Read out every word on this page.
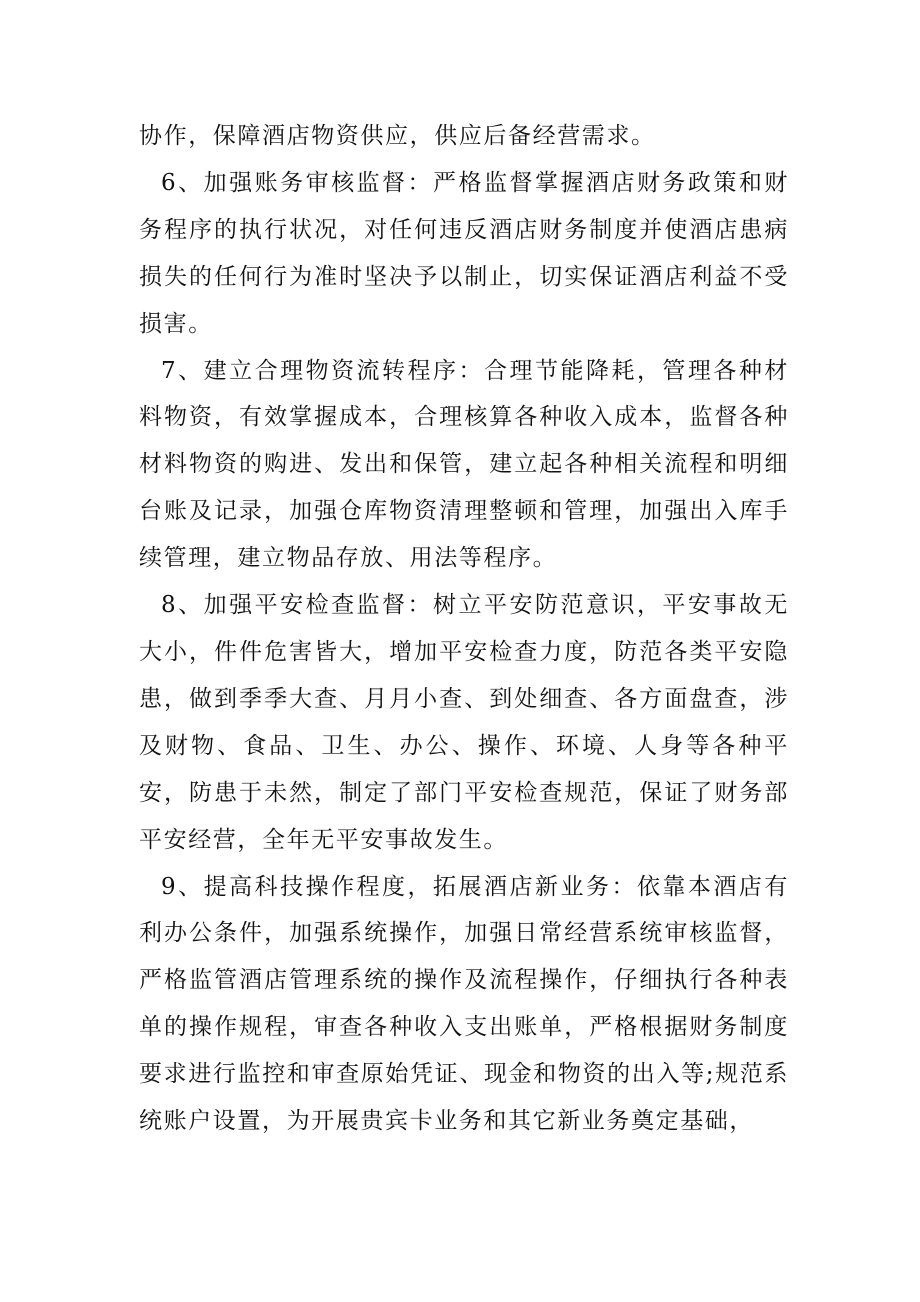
协作，保障酒店物资供应，供应后备经营需求。

6、加强账务审核监督：严格监督掌握酒店财务政策和财务程序的执行状况，对任何违反酒店财务制度并使酒店患病损失的任何行为准时坚决予以制止，切实保证酒店利益不受损害。

7、建立合理物资流转程序：合理节能降耗，管理各种材料物资，有效掌握成本，合理核算各种收入成本，监督各种材料物资的购进、发出和保管，建立起各种相关流程和明细台账及记录，加强仓库物资清理整顿和管理，加强出入库手续管理，建立物品存放、用法等程序。

8、加强平安检查监督：树立平安防范意识，平安事故无大小，件件危害皆大，增加平安检查力度，防范各类平安隐患，做到季季大查、月月小查、到处细查、各方面盘查，涉及财物、食品、卫生、办公、操作、环境、人身等各种平安，防患于未然，制定了部门平安检查规范，保证了财务部平安经营，全年无平安事故发生。

9、提高科技操作程度，拓展酒店新业务：依靠本酒店有利办公条件，加强系统操作，加强日常经营系统审核监督，严格监管酒店管理系统的操作及流程操作，仔细执行各种表单的操作规程，审查各种收入支出账单，严格根据财务制度要求进行监控和审查原始凭证、现金和物资的出入等;规范系统账户设置，为开展贵宾卡业务和其它新业务奠定基础，
